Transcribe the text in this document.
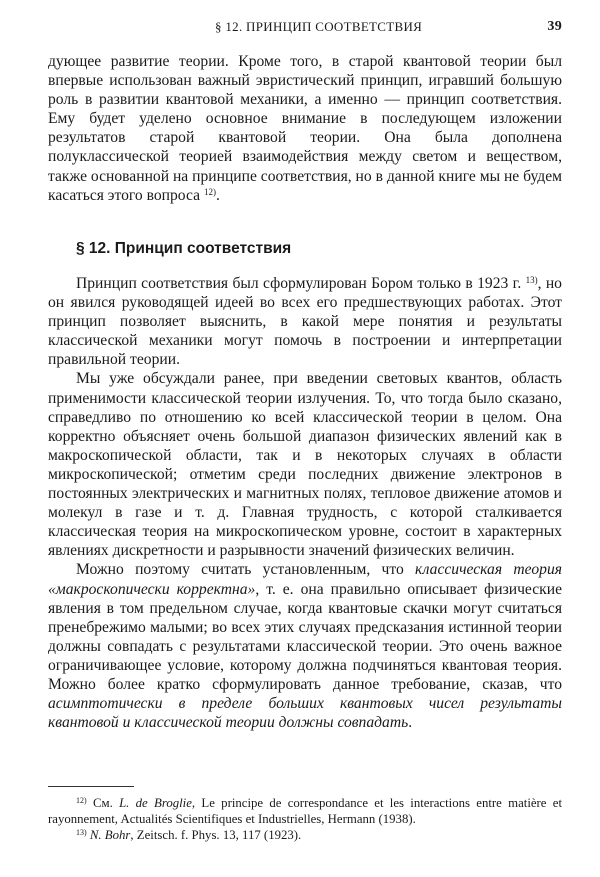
§ 12. ПРИНЦИП СООТВЕТСТВИЯ	39

дующее развитие теории. Кроме того, в старой квантовой теории был впервые использован важный эвристический принцип, игравший большую роль в развитии квантовой механики, а именно — принцип соответствия. Ему будет уделено основное внимание в последующем изложении результатов старой квантовой теории. Она была дополнена полуклассической теорией взаимодействия между светом и веществом, также основанной на принципе соответствия, но в данной книге мы не будем касаться этого вопроса $^{12)}$.

§ 12. Принцип соответствия

Принцип соответствия был сформулирован Бором только в 1923 г. $^{13)}$, но он явился руководящей идеей во всех его предшествующих работах. Этот принцип позволяет выяснить, в какой мере понятия и результаты классической механики могут помочь в построении и интерпретации правильной теории.

Мы уже обсуждали ранее, при введении световых квантов, область применимости классической теории излучения. То, что тогда было сказано, справедливо по отношению ко всей классической теории в целом. Она корректно объясняет очень большой диапазон физических явлений как в макроскопической области, так и в некоторых случаях в области микроскопической; отметим среди последних движение электронов в постоянных электрических и магнитных полях, тепловое движение атомов и молекул в газе и т. д. Главная трудность, с которой сталкивается классическая теория на микроскопическом уровне, состоит в характерных явлениях дискретности и разрывности значений физических величин.

Можно поэтому считать установленным, что классическая теория «макроскопически корректна», т. е. она правильно описывает физические явления в том предельном случае, когда квантовые скачки могут считаться пренебрежимо малыми; во всех этих случаях предсказания истинной теории должны совпадать с результатами классической теории. Это очень важное ограничивающее условие, которому должна подчиняться квантовая теория. Можно более кратко сформулировать данное требование, сказав, что асимптотически в пределе больших квантовых чисел результаты квантовой и классической теории должны совпадать.

$^{12)}$ См. L. de Broglie, Le principe de correspondance et les interactions entre matière et rayonnement, Actualités Scientifiques et Industrielles, Hermann (1938).

$^{13)}$ N. Bohr, Zeitsch. f. Phys. 13, 117 (1923).
